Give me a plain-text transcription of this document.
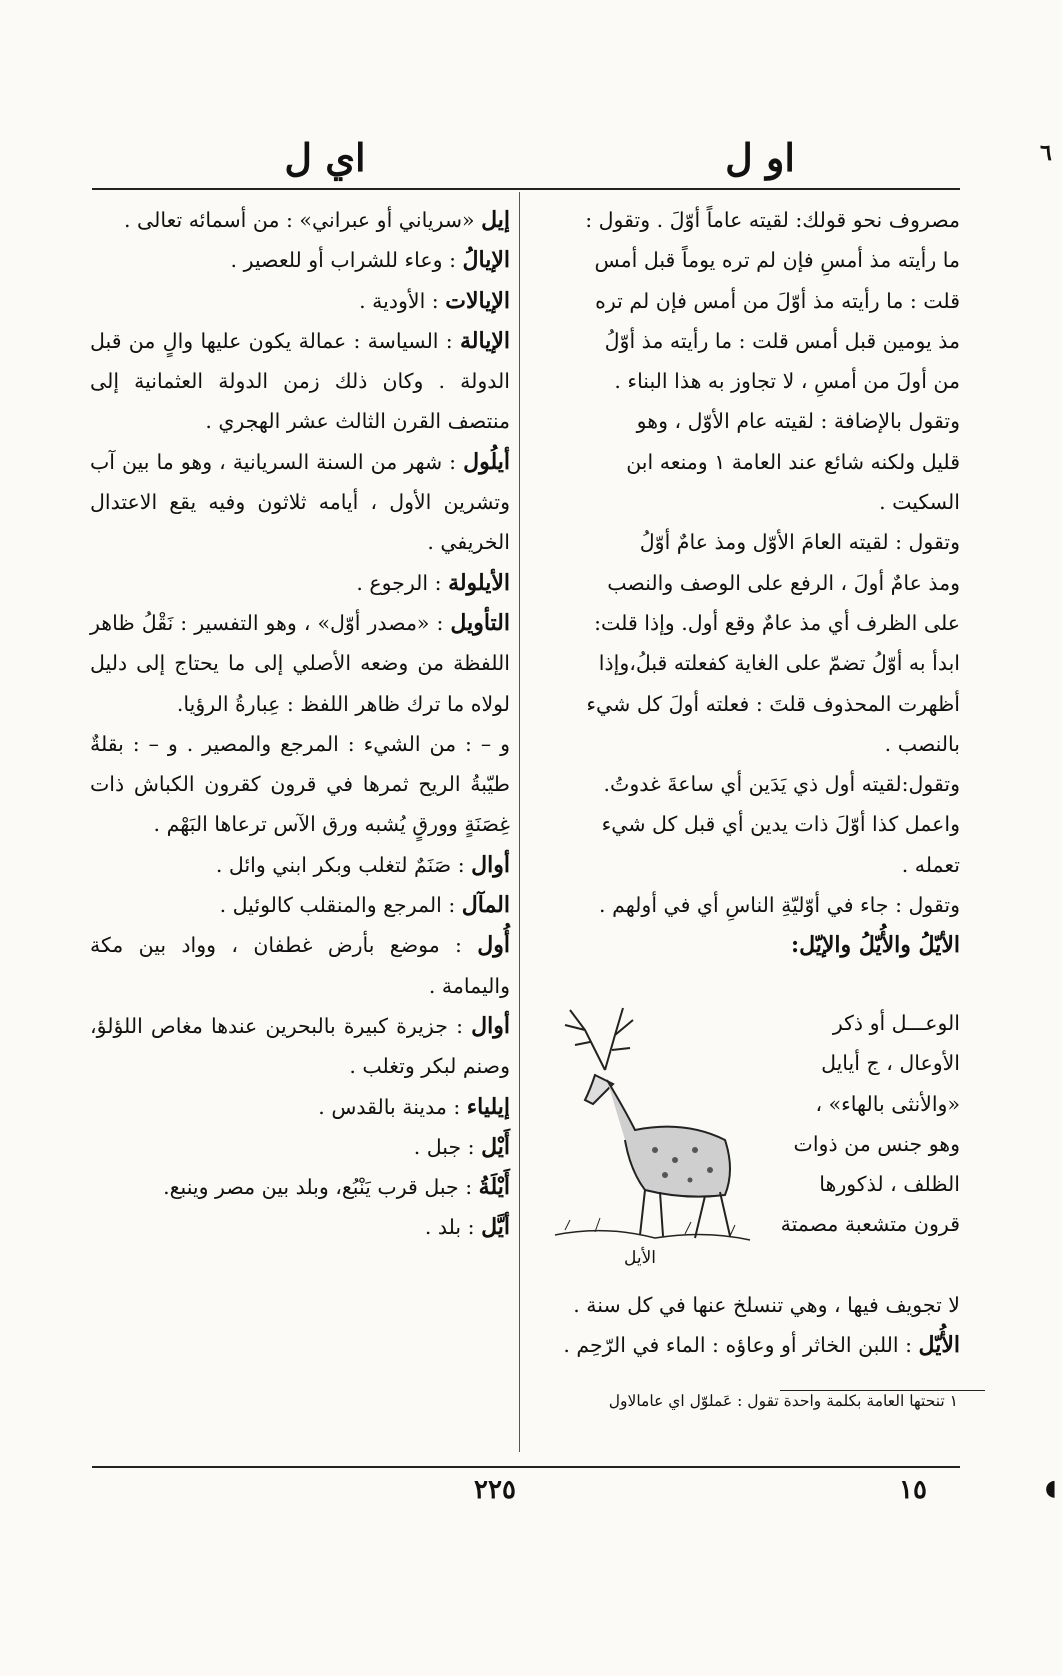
٦
او ل
اي ل

مصروف نحو قولك: لقيته عاماً أوّلَ . وتقول :

ما رأيته مذ أمسِ فإن لم تره يوماً قبل أمس

قلت : ما رأيته مذ أوّلَ من أمس فإن لم تره

مذ يومين قبل أمس قلت : ما رأيته مذ أوّلُ

من أولَ من أمسِ ، لا تجاوز به هذا البناء .

وتقول بالإضافة : لقيته عام الأوّل ، وهو

قليل ولكنه شائع عند العامة ١ ومنعه ابن

السكيت .

وتقول : لقيته العامَ الأوّل ومذ عامٌ أوّلُ

ومذ عامٌ أولَ ، الرفع على الوصف والنصب

على الظرف أي مذ عامٌ وقع أول. وإذا قلت:

ابدأ به أوّلُ تضمّ على الغاية كفعلته قبلُ،وإذا

أظهرت المحذوف قلتَ : فعلته أولَ كل شيء

بالنصب .

وتقول:لقيته أول ذي يَدَين أي ساعةَ غدوتُ.

واعمل كذا أوّلَ ذات يدين أي قبل كل شيء

تعمله .

وتقول : جاء في أوّليّةِ الناسِ أي في أولهم .

الأيّلُ والأُيّلُ والإيّل:

الوعـــل أو ذكر
الأوعال ، ج أيايل
«والأنثى بالهاء» ،
وهو جنس من ذوات
الظلف ، لذكورها
قرون متشعبة مصمتة
الأيل
لا تجويف فيها ، وهي تنسلخ عنها في كل سنة .
الأُيّل : اللبن الخاثر أو وعاؤه : الماء في الرّحِم .
١ تنحتها العامة بكلمة واحدة تقول : عَملوّل اي عامالاول

إيل «سرياني أو عبراني» : من أسمائه تعالى .

الإيالُ : وعاء للشراب أو للعصير .

الإيالات : الأودية .

الإيالة : السياسة : عمالة يكون عليها والٍ من قبل الدولة . وكان ذلك زمن الدولة العثمانية إلى منتصف القرن الثالث عشر الهجري .

أيلُول : شهر من السنة السريانية ، وهو ما بين آب وتشرين الأول ، أيامه ثلاثون وفيه يقع الاعتدال الخريفي .

الأيلولة : الرجوع .

التأويل : «مصدر أوّل» ، وهو التفسير : نَقْلُ ظاهر اللفظة من وضعه الأصلي إلى ما يحتاج إلى دليل لولاه ما ترك ظاهر اللفظ : عِبارةُ الرؤيا.

و – : من الشيء : المرجع والمصير . و – : بقلةٌ طيّبةُ الريح ثمرها في قرون كقرون الكباش ذات غِصَنَةٍ وورقٍ يُشبه ورق الآس ترعاها البَهْم .

أوال : صَنَمٌ لتغلب وبكر ابني وائل .

المآل : المرجع والمنقلب كالوئيل .

أُول : موضع بأرض غطفان ، وواد بين مكة واليمامة .

أوال : جزيرة كبيرة بالبحرين عندها مغاص اللؤلؤ، وصنم لبكر وتغلب .

إيلياء : مدينة بالقدس .

أَيْل : جبل .

أَيْلَةُ : جبل قرب يَنْبُع، وبلد بين مصر وينبع.

أيَّل : بلد .

٢٢٥	١٥	◖
